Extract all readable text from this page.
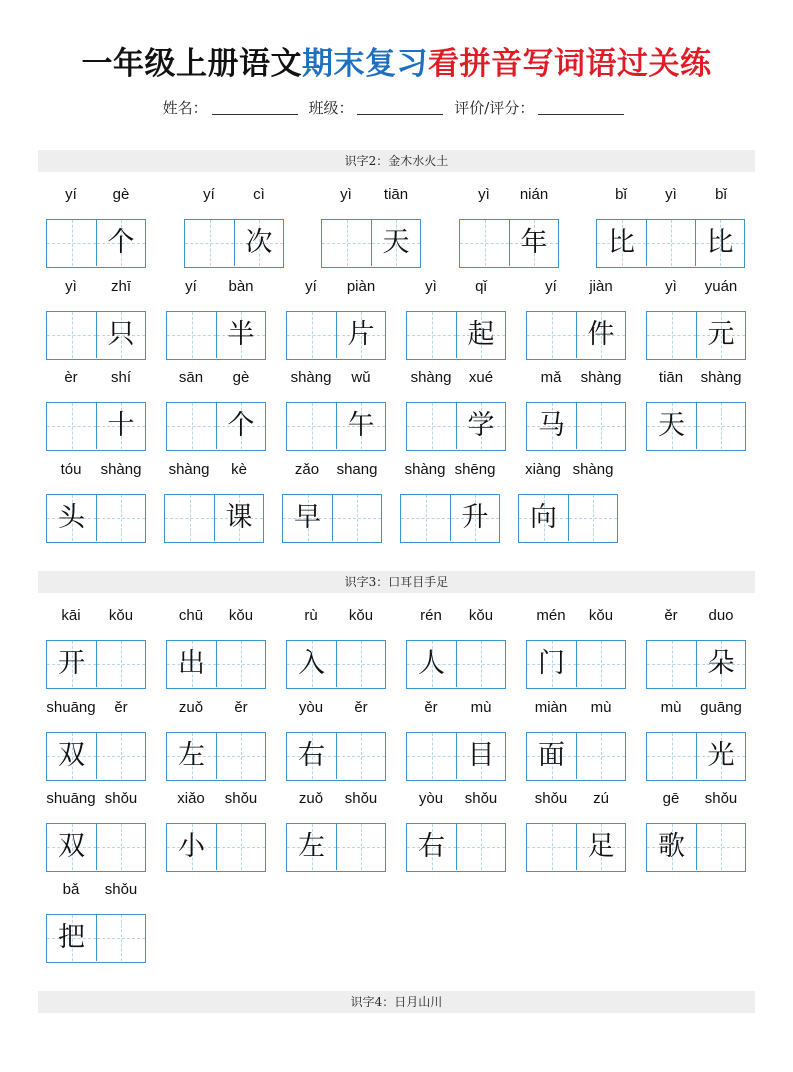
一年级上册语文期末复习看拼音写词语过关练
姓名：	班级：	评价/评分：
识字2：金木水火土
yí	gè
个
yí	cì
次
yì	tiān
天
yì	nián
年
bǐ	yì	bǐ
比	比
yì	zhī
只
yí	bàn
半
yí	piàn
片
yì	qǐ
起
yí	jiàn
件
yì	yuán
元
èr	shí
十
sān	gè
个
shàng	wǔ
午
shàng	xué
学
mǎ	shàng
马
tiān	shàng
天
tóu	shàng
头
shàng	kè
课
zǎo	shang
早
shàng shēng
升
xiàng shàng
向
识字3：口耳目手足
kāi	kǒu
开
chū	kǒu
出
rù	kǒu
入
rén	kǒu
人
mén	kǒu
门
ěr	duo
朵
shuāng	ěr
双
zuǒ	ěr
左
yòu	ěr
右
ěr	mù
目
miàn	mù
面
mù	guāng
光
shuāng shǒu
双
xiǎo	shǒu
小
zuǒ	shǒu
左
yòu	shǒu
右
shǒu	zú
足
gē	shǒu
歌
bǎ	shǒu
把
识字4：日月山川
